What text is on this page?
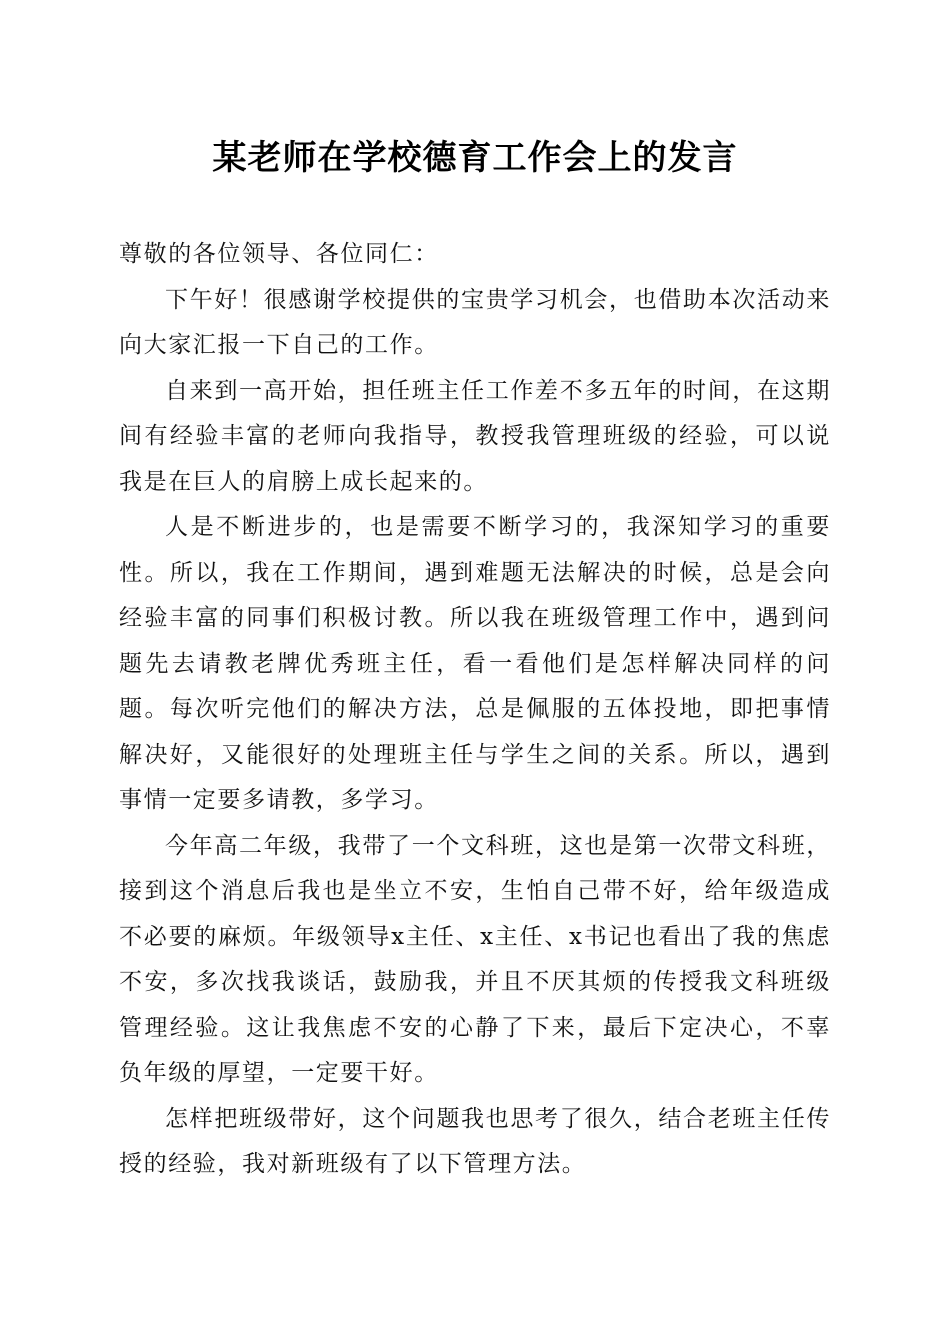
某老师在学校德育工作会上的发言

尊敬的各位领导、各位同仁：

下午好！很感谢学校提供的宝贵学习机会，也借助本次活动来向大家汇报一下自己的工作。

自来到一高开始，担任班主任工作差不多五年的时间，在这期间有经验丰富的老师向我指导，教授我管理班级的经验，可以说我是在巨人的肩膀上成长起来的。

人是不断进步的，也是需要不断学习的，我深知学习的重要性。所以，我在工作期间，遇到难题无法解决的时候，总是会向经验丰富的同事们积极讨教。所以我在班级管理工作中，遇到问题先去请教老牌优秀班主任，看一看他们是怎样解决同样的问题。每次听完他们的解决方法，总是佩服的五体投地，即把事情解决好，又能很好的处理班主任与学生之间的关系。所以，遇到事情一定要多请教，多学习。

今年高二年级，我带了一个文科班，这也是第一次带文科班，接到这个消息后我也是坐立不安，生怕自己带不好，给年级造成不必要的麻烦。年级领导x主任、x主任、x书记也看出了我的焦虑不安，多次找我谈话，鼓励我，并且不厌其烦的传授我文科班级管理经验。这让我焦虑不安的心静了下来，最后下定决心，不辜负年级的厚望，一定要干好。

怎样把班级带好，这个问题我也思考了很久，结合老班主任传授的经验，我对新班级有了以下管理方法。
